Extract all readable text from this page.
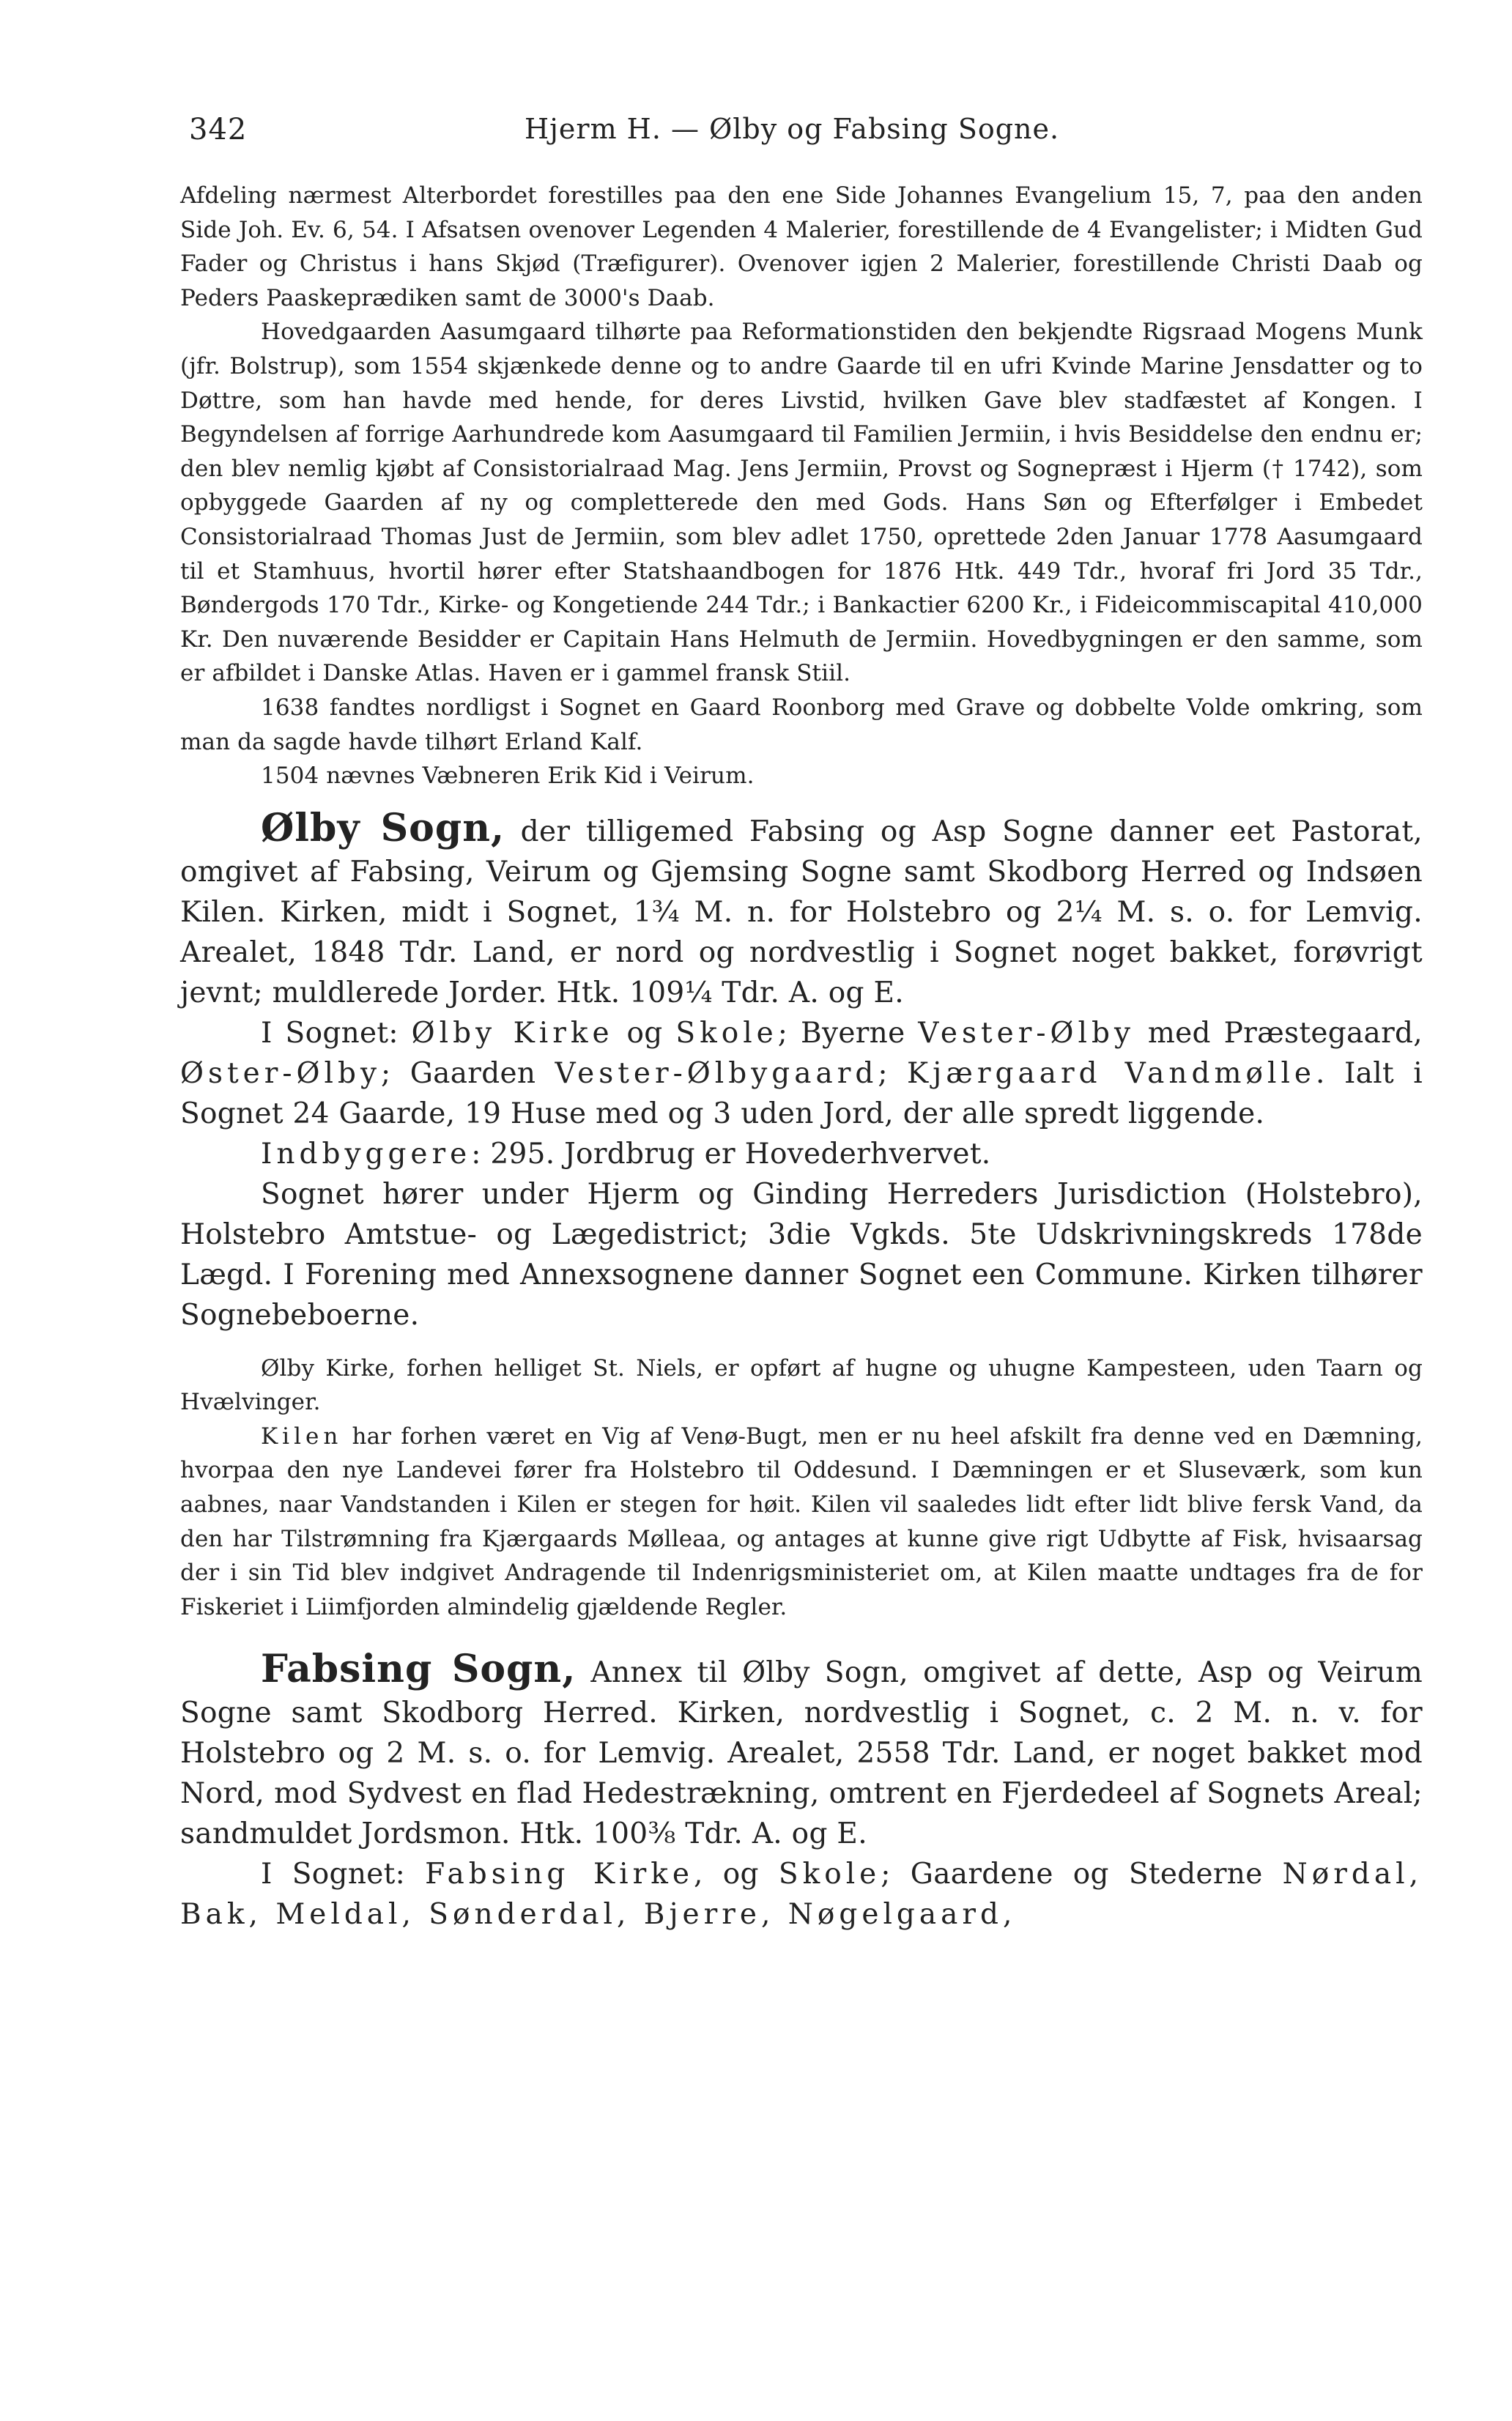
342	Hjerm H. — Ølby og Fabsing Sogne.

Afdeling nærmest Alterbordet forestilles paa den ene Side Johannes Evangelium 15, 7, paa den anden Side Joh. Ev. 6, 54. I Afsatsen ovenover Legenden 4 Malerier, forestillende de 4 Evangelister; i Midten Gud Fader og Christus i hans Skjød (Træfigurer). Ovenover igjen 2 Malerier, forestillende Christi Daab og Peders Paaskeprædiken samt de 3000's Daab.

Hovedgaarden Aasumgaard tilhørte paa Reformationstiden den bekjendte Rigsraad Mogens Munk (jfr. Bolstrup), som 1554 skjænkede denne og to andre Gaarde til en ufri Kvinde Marine Jensdatter og to Døttre, som han havde med hende, for deres Livstid, hvilken Gave blev stadfæstet af Kongen. I Begyndelsen af forrige Aarhundrede kom Aasumgaard til Familien Jermiin, i hvis Besiddelse den endnu er; den blev nemlig kjøbt af Consistorialraad Mag. Jens Jermiin, Provst og Sognepræst i Hjerm († 1742), som opbyggede Gaarden af ny og completterede den med Gods. Hans Søn og Efterfølger i Embedet Consistorialraad Thomas Just de Jermiin, som blev adlet 1750, oprettede 2den Januar 1778 Aasumgaard til et Stamhuus, hvortil hører efter Statshaandbogen for 1876 Htk. 449 Tdr., hvoraf fri Jord 35 Tdr., Bøndergods 170 Tdr., Kirke- og Kongetiende 244 Tdr.; i Bankactier 6200 Kr., i Fideicommiscapital 410,000 Kr. Den nuværende Besidder er Capitain Hans Helmuth de Jermiin. Hovedbygningen er den samme, som er afbildet i Danske Atlas. Haven er i gammel fransk Stiil.

1638 fandtes nordligst i Sognet en Gaard Roonborg med Grave og dobbelte Volde omkring, som man da sagde havde tilhørt Erland Kalf.

1504 nævnes Væbneren Erik Kid i Veirum.

Ølby Sogn, der tilligemed Fabsing og Asp Sogne danner eet Pastorat, omgivet af Fabsing, Veirum og Gjemsing Sogne samt Skodborg Herred og Indsøen Kilen. Kirken, midt i Sognet, 1¾ M. n. for Holstebro og 2¼ M. s. o. for Lemvig. Arealet, 1848 Tdr. Land, er nord og nordvestlig i Sognet noget bakket, forøvrigt jevnt; muldlerede Jorder. Htk. 109¼ Tdr. A. og E.

I Sognet: Ølby Kirke og Skole; Byerne Vester-Ølby med Præstegaard, Øster-Ølby; Gaarden Vester-Ølbygaard; Kjærgaard Vandmølle. Ialt i Sognet 24 Gaarde, 19 Huse med og 3 uden Jord, der alle spredt liggende.

Indbyggere: 295. Jordbrug er Hovederhvervet.

Sognet hører under Hjerm og Ginding Herreders Jurisdiction (Holstebro), Holstebro Amtstue- og Lægedistrict; 3die Vgkds. 5te Udskrivningskreds 178de Lægd. I Forening med Annexsognene danner Sognet een Commune. Kirken tilhører Sognebeboerne.

Ølby Kirke, forhen helliget St. Niels, er opført af hugne og uhugne Kampesteen, uden Taarn og Hvælvinger.

Kilen har forhen været en Vig af Venø-Bugt, men er nu heel afskilt fra denne ved en Dæmning, hvorpaa den nye Landevei fører fra Holstebro til Oddesund. I Dæmningen er et Sluseværk, som kun aabnes, naar Vandstanden i Kilen er stegen for høit. Kilen vil saaledes lidt efter lidt blive fersk Vand, da den har Tilstrømning fra Kjærgaards Mølleaa, og antages at kunne give rigt Udbytte af Fisk, hvisaarsag der i sin Tid blev indgivet Andragende til Indenrigsministeriet om, at Kilen maatte undtages fra de for Fiskeriet i Liimfjorden almindelig gjældende Regler.

Fabsing Sogn, Annex til Ølby Sogn, omgivet af dette, Asp og Veirum Sogne samt Skodborg Herred. Kirken, nordvestlig i Sognet, c. 2 M. n. v. for Holstebro og 2 M. s. o. for Lemvig. Arealet, 2558 Tdr. Land, er noget bakket mod Nord, mod Sydvest en flad Hedestrækning, omtrent en Fjerdedeel af Sognets Areal; sandmuldet Jordsmon. Htk. 100⅜ Tdr. A. og E.

I Sognet: Fabsing Kirke, og Skole; Gaardene og Stederne Nørdal, Bak, Meldal, Sønderdal, Bjerre, Nøgelgaard,
